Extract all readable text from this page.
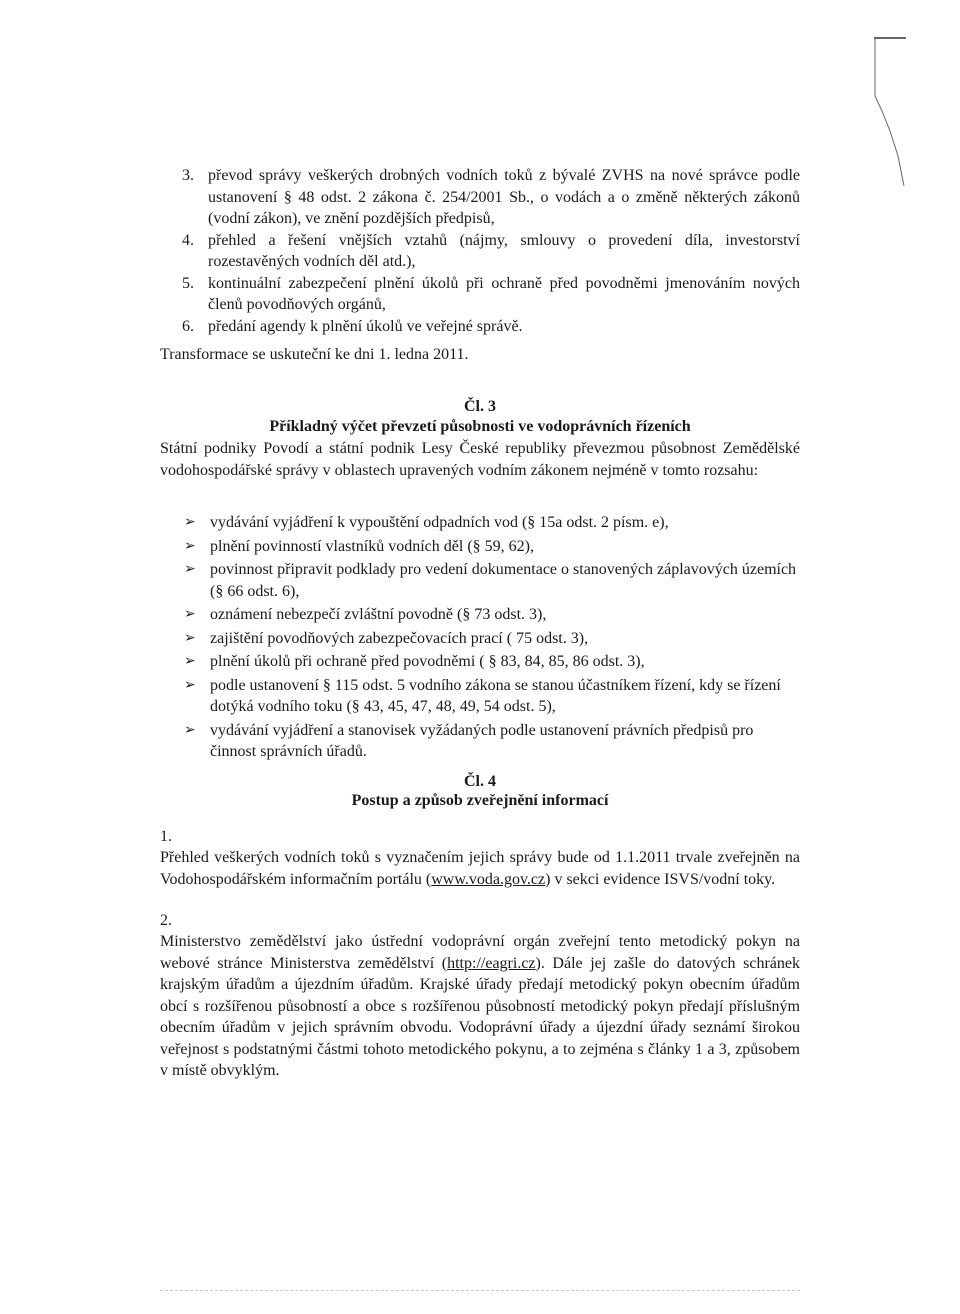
3. převod správy veškerých drobných vodních toků z bývalé ZVHS na nové správce podle ustanovení § 48 odst. 2 zákona č. 254/2001 Sb., o vodách a o změně některých zákonů (vodní zákon), ve znění pozdějších předpisů,
4. přehled a řešení vnějších vztahů (nájmy, smlouvy o provedení díla, investorství rozestavěných vodních děl atd.),
5. kontinuální zabezpečení plnění úkolů při ochraně před povodněmi jmenováním nových členů povodňových orgánů,
6. předání agendy k plnění úkolů ve veřejné správě.
Transformace se uskuteční ke dni 1. ledna 2011.
Čl. 3
Příkladný výčet převzetí působnosti ve vodoprávních řízeních
Státní podniky Povodí a státní podnik Lesy České republiky převezmou působnost Zemědělské vodohospodářské správy v oblastech upravených vodním zákonem nejméně v tomto rozsahu:
➢ vydávání vyjádření k vypouštění odpadních vod (§ 15a odst. 2 písm. e),
➢ plnění povinností vlastníků vodních děl (§ 59, 62),
➢ povinnost připravit podklady pro vedení dokumentace o stanovených záplavových územích (§ 66 odst. 6),
➢ oznámení nebezpečí zvláštní povodně (§ 73 odst. 3),
➢ zajištění povodňových zabezpečovacích prací ( 75 odst. 3),
➢ plnění úkolů při ochraně před povodněmi ( § 83, 84, 85, 86 odst. 3),
➢ podle ustanovení § 115 odst. 5 vodního zákona se stanou účastníkem řízení, kdy se řízení dotýká vodního toku (§ 43, 45, 47, 48, 49, 54 odst. 5),
➢ vydávání vyjádření a stanovisek vyžádaných podle ustanovení právních předpisů pro činnost správních úřadů.
Čl. 4
Postup a způsob zveřejnění informací
1.
Přehled veškerých vodních toků s vyznačením jejich správy bude od 1.1.2011 trvale zveřejněn na Vodohospodářském informačním portálu (www.voda.gov.cz) v sekci evidence ISVS/vodní toky.
2.
Ministerstvo zemědělství jako ústřední vodoprávní orgán zveřejní tento metodický pokyn na webové stránce Ministerstva zemědělství (http://eagri.cz). Dále jej zašle do datových schránek krajským úřadům a újezdním úřadům. Krajské úřady předají metodický pokyn obecním úřadům obcí s rozšířenou působností a obce s rozšířenou působností metodický pokyn předají příslušným obecním úřadům v jejich správním obvodu. Vodoprávní úřady a újezdní úřady seznámí širokou veřejnost s podstatnými částmi tohoto metodického pokynu, a to zejména s články 1 a 3, způsobem v místě obvyklým.
